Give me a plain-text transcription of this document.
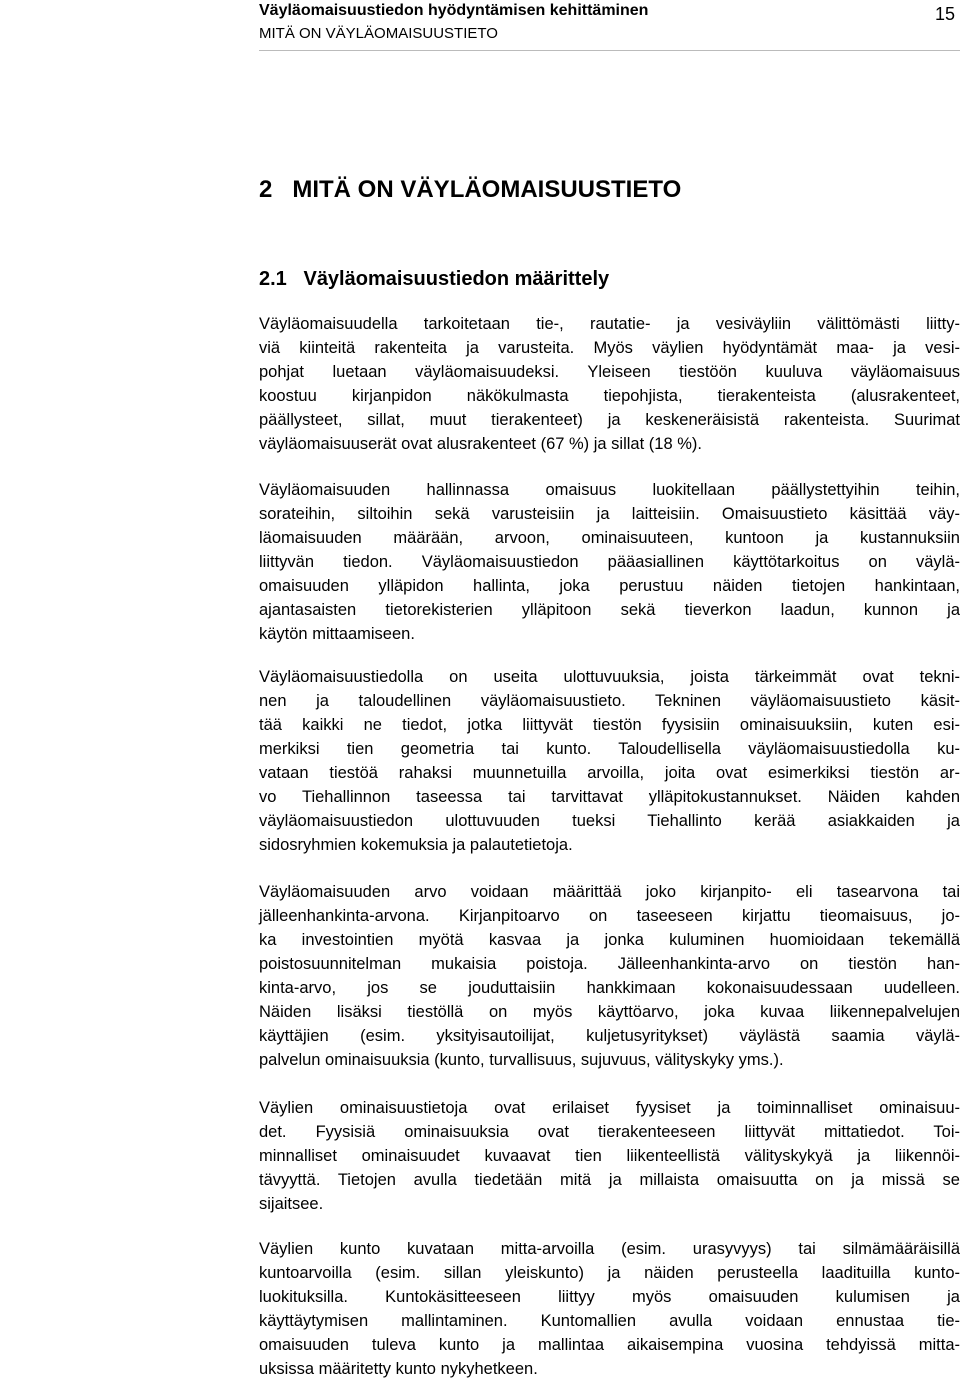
Väyläomaisuustiedon hyödyntämisen kehittäminen
MITÄ ON VÄYLÄOMAISUUSTIETO
15
2   MITÄ ON VÄYLÄOMAISUUSTIETO
2.1   Väyläomaisuustiedon määrittely
Väyläomaisuudella tarkoitetaan tie-, rautatie- ja vesiväyliin välittömästi liitty-
viä kiinteitä rakenteita ja varusteita. Myös väylien hyödyntämät maa- ja vesi-
pohjat luetaan väyläomaisuudeksi. Yleiseen tiestöön kuuluva väyläomaisuus
koostuu kirjanpidon näkökulmasta tiepohjista, tierakenteista (alusrakenteet,
päällysteet, sillat, muut tierakenteet) ja keskeneräisistä rakenteista. Suurimat
väyläomaisuuserät ovat alusrakenteet (67 %) ja sillat (18 %).
Väyläomaisuuden hallinnassa omaisuus luokitellaan päällystettyihin teihin,
sorateihin, siltoihin sekä varusteisiin ja laitteisiin. Omaisuustieto käsittää väy-
läomaisuuden määrään, arvoon, ominaisuuteen, kuntoon ja kustannuksiin
liittyvän tiedon. Väyläomaisuustiedon pääasiallinen käyttötarkoitus on väylä-
omaisuuden ylläpidon hallinta, joka perustuu näiden tietojen hankintaan,
ajantasaisten tietorekisterien ylläpitoon sekä tieverkon laadun, kunnon ja
käytön mittaamiseen.
Väyläomaisuustiedolla on useita ulottuvuuksia, joista tärkeimmät ovat tekni-
nen ja taloudellinen väyläomaisuustieto. Tekninen väyläomaisuustieto käsit-
tää kaikki ne tiedot, jotka liittyvät tiestön fyysisiin ominaisuuksiin, kuten esi-
merkiksi tien geometria tai kunto. Taloudellisella väyläomaisuustiedolla ku-
vataan tiestöä rahaksi muunnetuilla arvoilla, joita ovat esimerkiksi tiestön ar-
vo Tiehallinnon taseessa tai tarvittavat ylläpitokustannukset. Näiden kahden
väyläomaisuustiedon ulottuvuuden tueksi Tiehallinto kerää asiakkaiden ja
sidosryhmien kokemuksia ja palautetietoja.
Väyläomaisuuden arvo voidaan määrittää joko kirjanpito- eli tasearvona tai
jälleenhankinta-arvona. Kirjanpitoarvo on taseeseen kirjattu tieomaisuus, jo-
ka investointien myötä kasvaa ja jonka kuluminen huomioidaan tekemällä
poistosuunnitelman mukaisia poistoja. Jälleenhankinta-arvo on tiestön han-
kinta-arvo, jos se jouduttaisiin hankkimaan kokonaisuudessaan uudelleen.
Näiden lisäksi tiestöllä on myös käyttöarvo, joka kuvaa liikennepalvelujen
käyttäjien (esim. yksityisautoilijat, kuljetusyritykset) väylästä saamia väylä-
palvelun ominaisuuksia (kunto, turvallisuus, sujuvuus, välityskyky yms.).
Väylien ominaisuustietoja ovat erilaiset fyysiset ja toiminnalliset ominaisuu-
det. Fyysisiä ominaisuuksia ovat tierakenteeseen liittyvät mittatiedot. Toi-
minnalliset ominaisuudet kuvaavat tien liikenteellistä välityskykyä ja liikennöi-
tävyyttä. Tietojen avulla tiedetään mitä ja millaista omaisuutta on ja missä se
sijaitsee.
Väylien kunto kuvataan mitta-arvoilla (esim. urasyvyys) tai silmämääräisillä
kuntoarvoilla (esim. sillan yleiskunto) ja näiden perusteella laadituilla kunto-
luokituksilla. Kuntokäsitteeseen liittyy myös omaisuuden kulumisen ja
käyttäytymisen mallintaminen. Kuntomallien avulla voidaan ennustaa tie-
omaisuuden tuleva kunto ja mallintaa aikaisempina vuosina tehdyissä mitta-
uksissa määritetty kunto nykyhetkeen.
